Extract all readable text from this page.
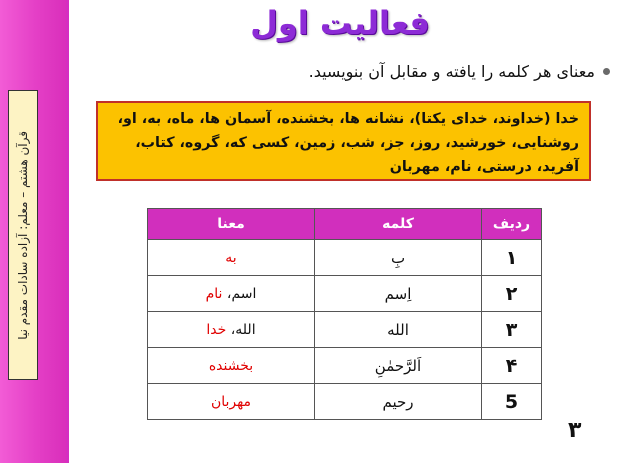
قرآن هشتم – معلم: آزاده سادات مقدم نیا
فعالیت اول
معنای هر کلمه را یافته و مقابل آن بنویسید.
خدا (خداوند، خدای یکتا)، نشانه ها، بخشنده، آسمان ها، ماه، به، او، روشنایی، خورشید، روز، جز، شب، زمین، کسی که، گروه، کتاب، آفرید، درستی، نام، مهربان
ردیف	کلمه	معنا
۱	بِ	به
۲	اِسم	اسم، نام
۳	الله	الله، خدا
۴	اَلرَّحمٰنِ	بخشنده
5	رحیم	مهربان
۳
